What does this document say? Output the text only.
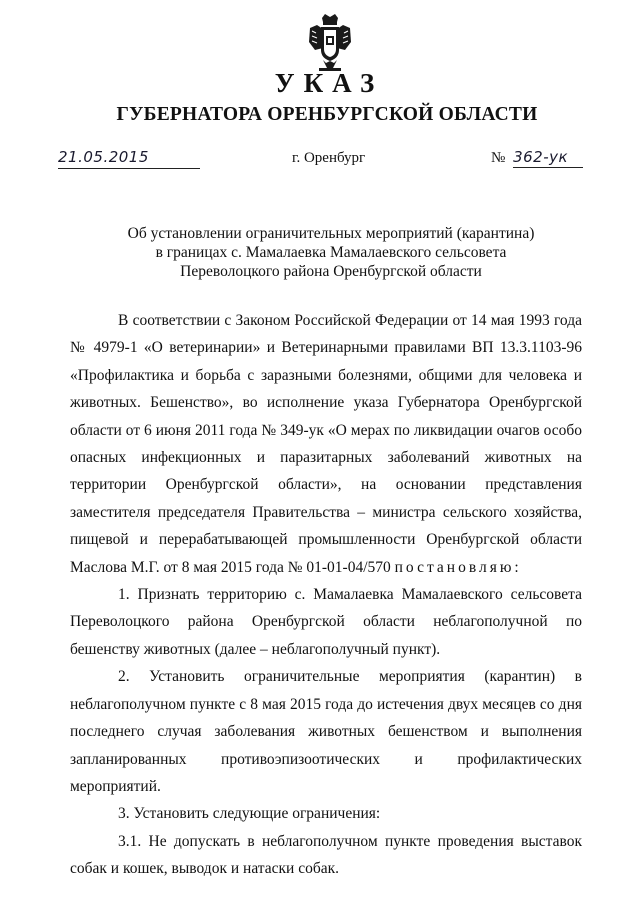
УКАЗ
ГУБЕРНАТОРА ОРЕНБУРГСКОЙ ОБЛАСТИ
21.05.2015	г. Оренбург	№ 362-ук
Об установлении ограничительных мероприятий (карантина)
в границах с. Мамалаевка Мамалаевского сельсовета
Переволоцкого района Оренбургской области

В соответствии с Законом Российской Федерации от 14 мая 1993 года № 4979-1 «О ветеринарии» и Ветеринарными правилами ВП 13.3.1103-96 «Профилактика и борьба с заразными болезнями, общими для человека и животных. Бешенство», во исполнение указа Губернатора Оренбургской области от 6 июня 2011 года № 349-ук «О мерах по ликвидации очагов особо опасных инфекционных и паразитарных заболеваний животных на территории Оренбургской области», на основании представления заместителя председателя Правительства – министра сельского хозяйства, пищевой и перерабатывающей промышленности Оренбургской области Маслова М.Г. от 8 мая 2015 года № 01-01-04/570 постановляю:

1. Признать территорию с. Мамалаевка Мамалаевского сельсовета Переволоцкого района Оренбургской области неблагополучной по бешенству животных (далее – неблагополучный пункт).

2. Установить ограничительные мероприятия (карантин) в неблагополучном пункте с 8 мая 2015 года до истечения двух месяцев со дня последнего случая заболевания животных бешенством и выполнения запланированных противоэпизоотических и профилактических мероприятий.

3. Установить следующие ограничения:

3.1. Не допускать в неблагополучном пункте проведения выставок собак и кошек, выводок и натаски собак.
